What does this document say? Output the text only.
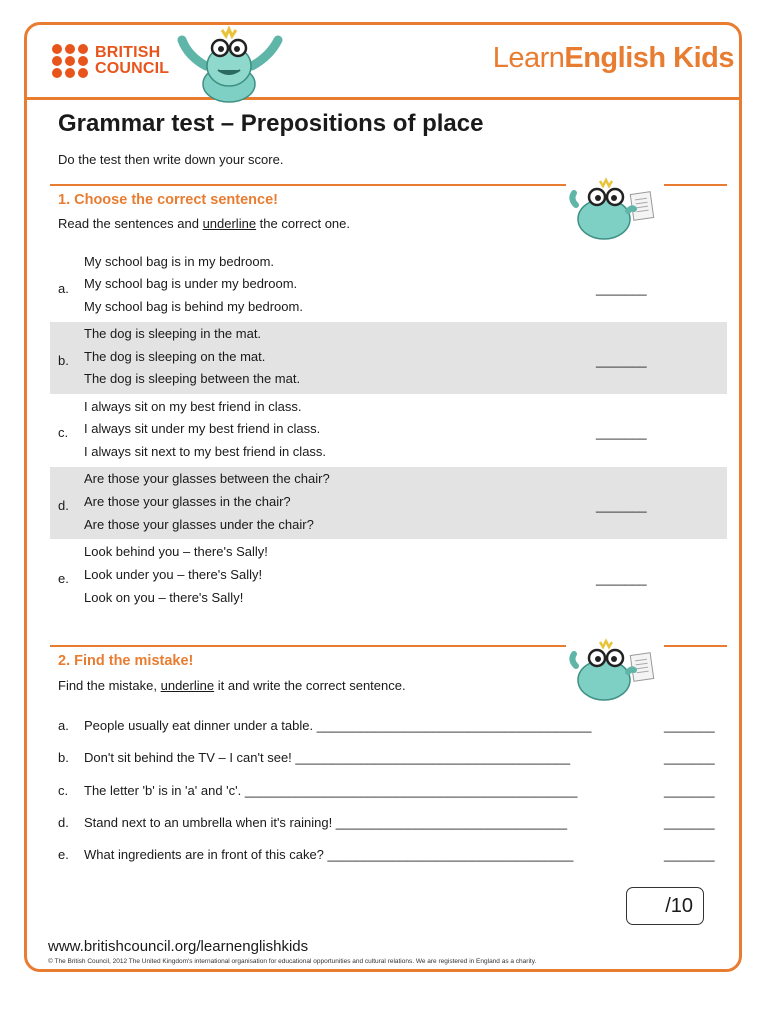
BRITISH
COUNCIL	LearnEnglish Kids
Grammar test – Prepositions of place
Do the test then write down your score.
1. Choose the correct sentence!
Read the sentences and underline the correct one.
a.
My school bag is in my bedroom.
My school bag is under my bedroom.
My school bag is behind my bedroom.
_______
b.
The dog is sleeping in the mat.
The dog is sleeping on the mat.
The dog is sleeping between the mat.
_______
c.
I always sit on my best friend in class.
I always sit under my best friend in class.
I always sit next to my best friend in class.
_______
d.
Are those your glasses between the chair?
Are those your glasses in the chair?
Are those your glasses under the chair?
_______
e.
Look behind you – there's Sally!
Look under you – there's Sally!
Look on you – there's Sally!
_______
2. Find the mistake!
Find the mistake, underline it and write the correct sentence.
a. People usually eat dinner under a table. ______________________________________	_______
b. Don't sit behind the TV – I can't see! ______________________________________	_______
c. The letter 'b' is in 'a' and 'c'. ______________________________________________	_______
d. Stand next to an umbrella when it's raining! ________________________________	_______
e. What ingredients are in front of this cake? __________________________________	_______
/10
www.britishcouncil.org/learnenglishkids
© The British Council, 2012 The United Kingdom's international organisation for educational opportunities and cultural relations. We are registered in England as a charity.
